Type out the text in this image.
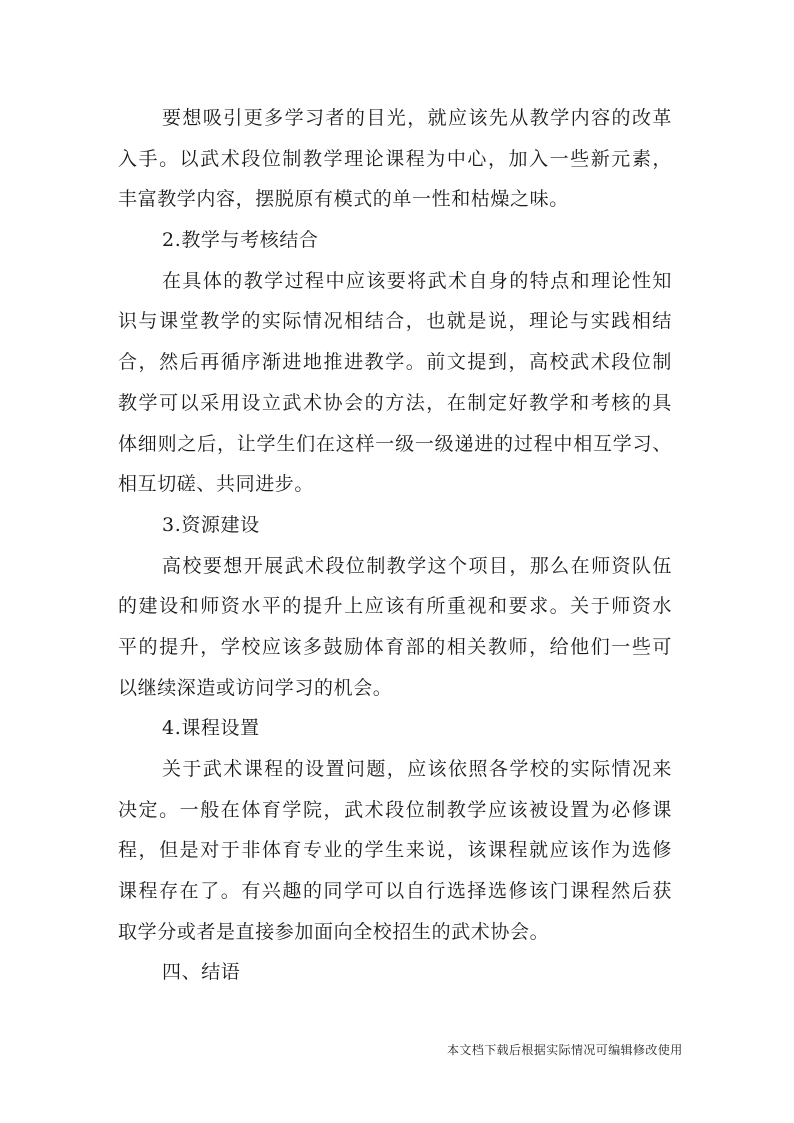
要想吸引更多学习者的目光，就应该先从教学内容的改革
入手。以武术段位制教学理论课程为中心，加入一些新元素，
丰富教学内容，摆脱原有模式的单一性和枯燥之味。
2.教学与考核结合
在具体的教学过程中应该要将武术自身的特点和理论性知
识与课堂教学的实际情况相结合，也就是说，理论与实践相结
合，然后再循序渐进地推进教学。前文提到，高校武术段位制
教学可以采用设立武术协会的方法，在制定好教学和考核的具
体细则之后，让学生们在这样一级一级递进的过程中相互学习、
相互切磋、共同进步。
3.资源建设
高校要想开展武术段位制教学这个项目，那么在师资队伍
的建设和师资水平的提升上应该有所重视和要求。关于师资水
平的提升，学校应该多鼓励体育部的相关教师，给他们一些可
以继续深造或访问学习的机会。
4.课程设置
关于武术课程的设置问题，应该依照各学校的实际情况来
决定。一般在体育学院，武术段位制教学应该被设置为必修课
程，但是对于非体育专业的学生来说，该课程就应该作为选修
课程存在了。有兴趣的同学可以自行选择选修该门课程然后获
取学分或者是直接参加面向全校招生的武术协会。
四、结语
本文档下载后根据实际情况可编辑修改使用
